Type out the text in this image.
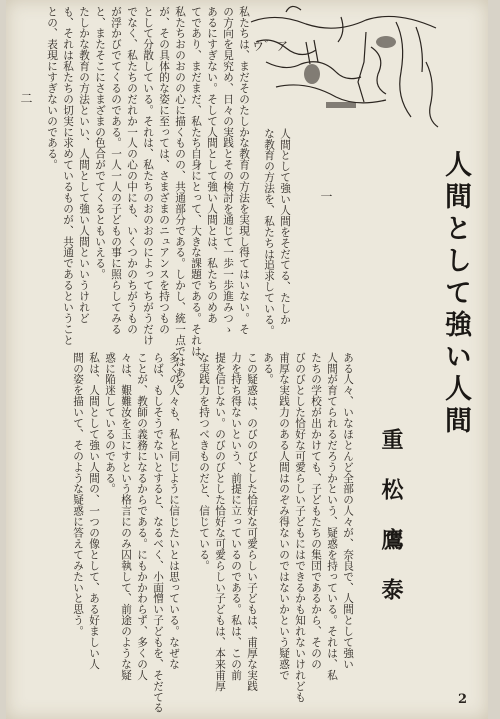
ウ゛ア
人間として強い人間
重松鷹泰
一
二
人間として強い人間をそだてる、たしか
な教育の方法を、私たちは追求している。
私たちは、まだそのたしかな教育の方法を実現し得てはいない。そ
の方向を見究め、日々の実践とその検討を通じて一歩一歩進みつゝ
あるにすぎない。そして人間として強い人間とは、私たちのめあ
てであり、まだまだ、私たち自身にとって、大きな課題である。それは、
私たちおのおのの心に描くものの、共通部分である。しかし、統一点ではある
が、その具体的な姿に至っては、さまざまのニュアンスを持つもの
として分散している。それは、私たちのおのおのによってちがうだけ
でなく、私たちのだれか一人の心の中にも、いくつかのちがうもの
が浮かびでてくるのである。一人一人の子どもの事に照らしてみる
と、またそこにさまざまの色合がでてくるともいえる。
たしかな教育の方法といい、人間として強い人間といいうけれど
も、それは私たちの切実に求めているものが、共通であるということ
との、表現にすぎないのである。
ある人々、いなほとんど全部の人々が、奈良で、人間として強い
人間が育てられるだろうかという、疑惑を持っている。それは、私
たちの学校が出かけても、子どもたちの集団であるから、そのの
びのびとした恰好な可愛らしい子どもにはできるかも知れないけれども
甫厚な実践力のある人間はのぞみ得ないのではないかという疑惑で
ある。
この疑惑は、のびのびとした恰好な可愛らしい子どもは、甫厚な実践
力を持ち得ないという、前提に立っているのである。私は、この前
提を信じない。のびのびとした恰好な可愛らしい子どもは、本来甫厚
な実践力を持つべきものだと、信じている。
多くの人々も、私と同じように信じたいとは思っている。なぜな
らば、もしそうでないとすると、なるべく、小面憎い子どもを、そだてる
ことが、教師の義務になるからである。にもかかわらず、多くの人
々は、艱難汝を玉にすという格言にのみ囚執して、前途のような疑
惑に陥迷しているのである。
私は、人間として強い人間の、一つの像として、ある好ましい人
間の姿を描いて、そのような疑惑に答えてみたいと思う。
2
